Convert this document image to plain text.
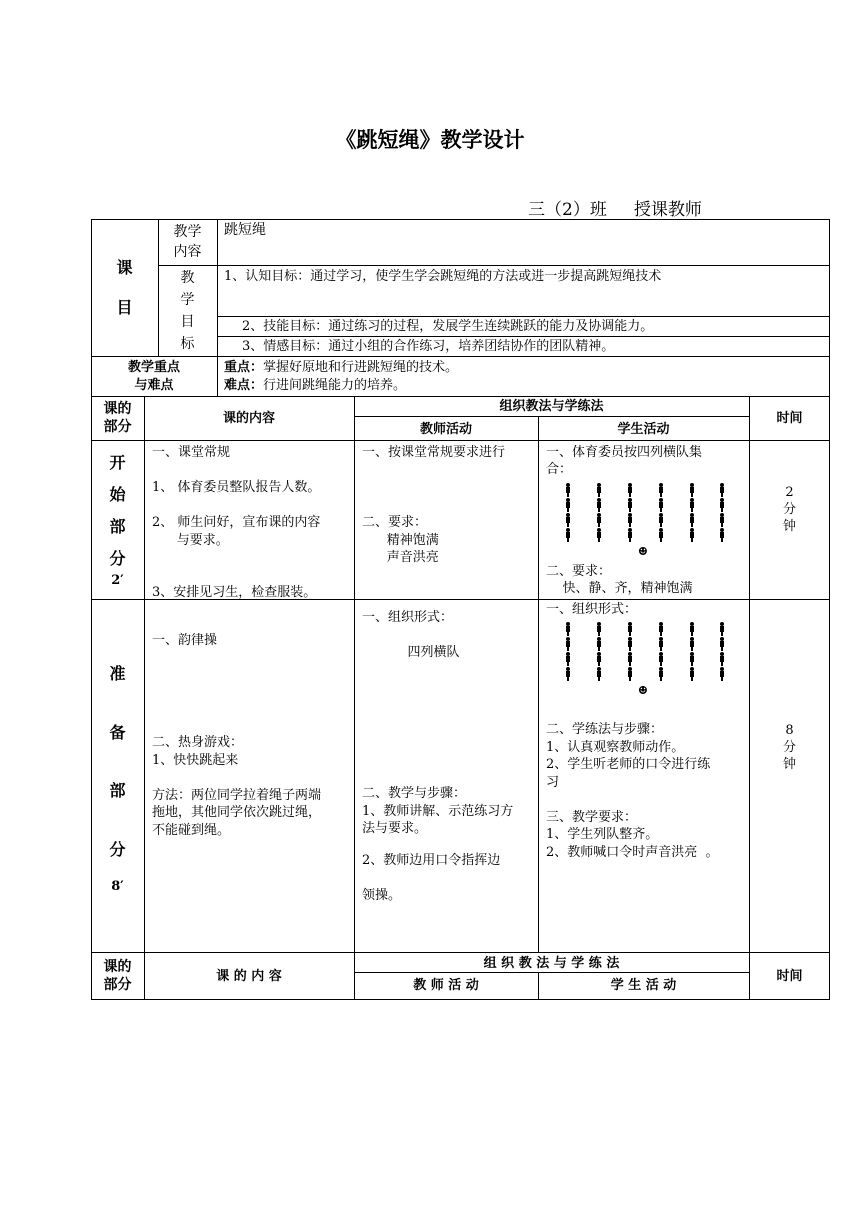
《跳短绳》教学设计
三（2）班     授课教师
课

目
教学
内容
跳短绳
教
学
目
标
1、认知目标：通过学习，使学生学会跳短绳的方法或进一步提高跳短绳技术
2、技能目标：通过练习的过程，发展学生连续跳跃的能力及协调能力。
3、情感目标：通过小组的合作练习，培养团结协作的团队精神。
教学重点
与难点
重点：掌握好原地和行进跳短绳的技术。
难点：行进间跳绳能力的培养。
课的
部分
课的内容
组织教法与学练法
教师活动	学生活动
时间
开

始

部

分
2′
一、课堂常规

1、 体育委员整队报告人数。

2、 师生问好，宣布课的内容
与要求。

3、安排见习生，检查服装。
一、按课堂常规要求进行

二、要求：
精神饱满
声音洪亮
一、体育委员按四列横队集
合：
☻
二、要求：
快、静、齐，精神饱满
2
分
钟
准

备

部

分
8′
一、韵律操
二、热身游戏：
1、快快跳起来

方法：两位同学拉着绳子两端
拖地，其他同学依次跳过绳，
不能碰到绳。
一、组织形式：

四列横队
二、教学与步骤：
1、教师讲解、示范练习方
法与要求。
2、教师边用口令指挥边

领操。
一、组织形式：
☻
二、学练法与步骤：
1、认真观察教师动作。
2、学生听老师的口令进行练
习

三、教学要求：
1、学生列队整齐。
2、教师喊口令时声音洪亮  。
8
分
钟
课的
部分
课 的 内 容
组 织 教 法 与 学 练 法
教 师 活 动	学 生 活 动
时间
